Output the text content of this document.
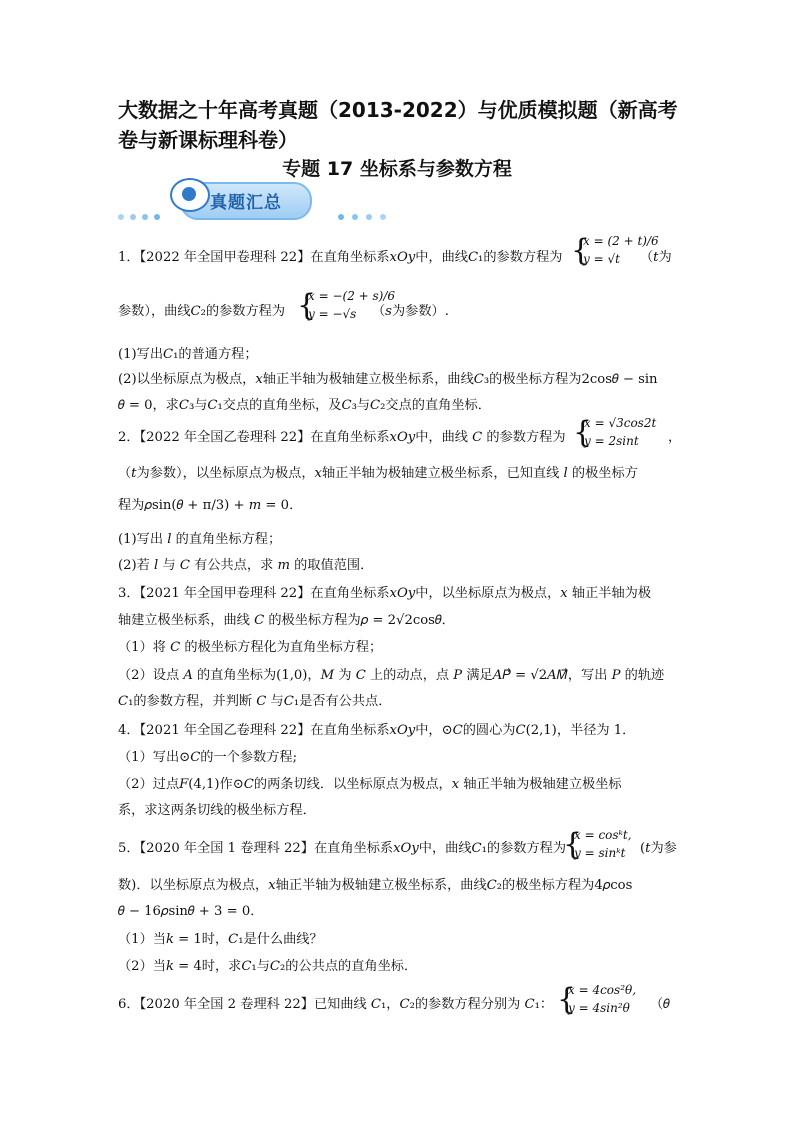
大数据之十年高考真题（2013-2022）与优质模拟题（新高考
卷与新课标理科卷）
专题 17 坐标系与参数方程
真题汇总
1．【2022 年全国甲卷理科 22】在直角坐标系𝑥𝑂𝑦中，曲线𝐶₁的参数方程为 {
x = (2 + t)/6
y = √t （𝑡为
参数），曲线𝐶₂的参数方程为 {
x = −(2 + s)/6
y = −√s （𝑠为参数）.
(1)写出𝐶₁的普通方程；
(2)以坐标原点为极点，𝑥轴正半轴为极轴建立极坐标系，曲线𝐶₃的极坐标方程为2cos𝜃 − sin
𝜃 = 0，求𝐶₃与𝐶₁交点的直角坐标，及𝐶₃与𝐶₂交点的直角坐标．
2．【2022 年全国乙卷理科 22】在直角坐标系𝑥𝑂𝑦中，曲线 𝐶 的参数方程为 {
x = √3cos2t
y = 2sint ，
（𝑡为参数），以坐标原点为极点，𝑥轴正半轴为极轴建立极坐标系，已知直线 𝑙 的极坐标方
程为𝜌sin(𝜃 + π/3) + 𝑚 = 0．
(1)写出 𝑙 的直角坐标方程；
(2)若 𝑙 与 𝐶 有公共点，求 𝑚 的取值范围．
3．【2021 年全国甲卷理科 22】在直角坐标系𝑥𝑂𝑦中，以坐标原点为极点，𝑥 轴正半轴为极
轴建立极坐标系，曲线 𝐶 的极坐标方程为𝜌 = 2√2cos𝜃．
（1）将 𝐶 的极坐标方程化为直角坐标方程；
（2）设点 𝐴 的直角坐标为(1,0)，𝑀 为 𝐶 上的动点，点 𝑃 满足𝐴𝑃⃗ = √2𝐴𝑀⃗，写出 𝑃 的轨迹
𝐶₁的参数方程，并判断 𝐶 与𝐶₁是否有公共点．
4．【2021 年全国乙卷理科 22】在直角坐标系𝑥𝑂𝑦中，⊙𝐶的圆心为𝐶(2,1)，半径为 1．
（1）写出⊙𝐶的一个参数方程;
（2）过点𝐹(4,1)作⊙𝐶的两条切线．以坐标原点为极点，𝑥 轴正半轴为极轴建立极坐标
系，求这两条切线的极坐标方程．
5．【2020 年全国 1 卷理科 22】在直角坐标系𝑥𝑂𝑦中，曲线𝐶₁的参数方程为
{
x = cosᵏt,
y = sinᵏt (𝑡为参
数)．以坐标原点为极点，𝑥轴正半轴为极轴建立极坐标系，曲线𝐶₂的极坐标方程为4𝜌cos
𝜃 − 16𝜌sin𝜃 + 3 = 0．
（1）当𝑘 = 1时，𝐶₁是什么曲线？
（2）当𝑘 = 4时，求𝐶₁与𝐶₂的公共点的直角坐标．
6．【2020 年全国 2 卷理科 22】已知曲线 𝐶₁，𝐶₂的参数方程分别为 𝐶₁： {
x = 4cos²θ,
y = 4sin²θ （𝜃
